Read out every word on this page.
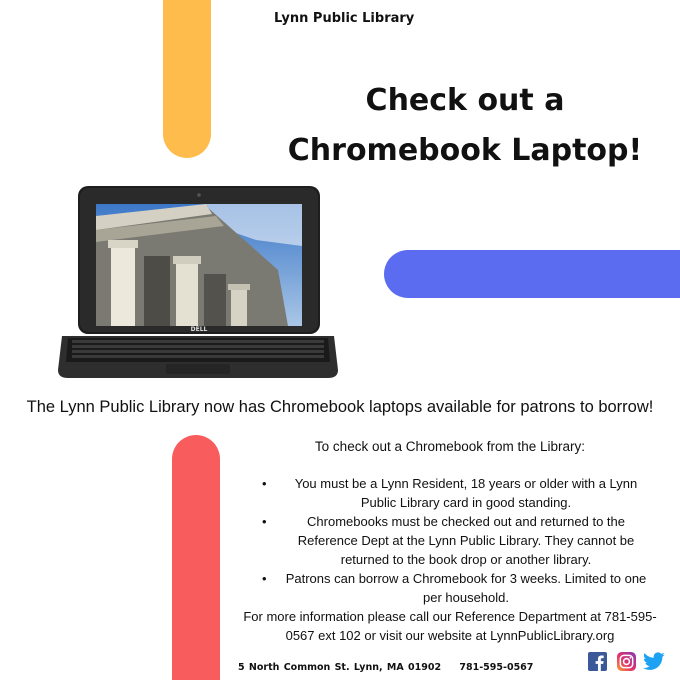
Lynn Public Library
Check out a
Chromebook Laptop!
DELL
The Lynn Public Library now has Chromebook laptops available for patrons to borrow!
To check out a Chromebook from the Library:
• You must be a Lynn Resident, 18 years or older with a Lynn Public Library card in good standing.
• Chromebooks must be checked out and returned to the Reference Dept at the Lynn Public Library. They cannot be returned to the book drop or another library.
• Patrons can borrow a Chromebook for 3 weeks. Limited to one per household.
For more information please call our Reference Department at 781-595-0567 ext 102 or visit our website at LynnPublicLibrary.org
5 North Common St. Lynn, MA 01902 781-595-0567
